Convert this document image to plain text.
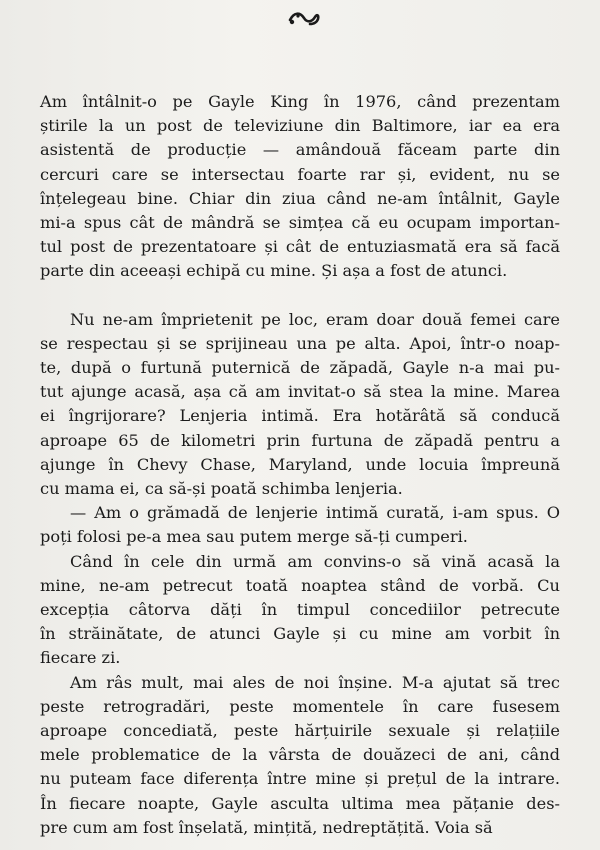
Am întâlnit-o pe Gayle King în 1976, când prezentam
știrile la un post de televiziune din Baltimore, iar ea era
asistentă de producție — amândouă făceam parte din
cercuri care se intersectau foarte rar și, evident, nu se
înțelegeau bine. Chiar din ziua când ne-am întâlnit, Gayle
mi-a spus cât de mândră se simțea că eu ocupam importan-
tul post de prezentatoare și cât de entuziasmată era să facă
parte din aceeași echipă cu mine. Și așa a fost de atunci.
Nu ne-am împrietenit pe loc, eram doar două femei care
se respectau și se sprijineau una pe alta. Apoi, într-o noap-
te, după o furtună puternică de zăpadă, Gayle n-a mai pu-
tut ajunge acasă, așa că am invitat-o să stea la mine. Marea
ei îngrijorare? Lenjeria intimă. Era hotărâtă să conducă
aproape 65 de kilometri prin furtuna de zăpadă pentru a
ajunge în Chevy Chase, Maryland, unde locuia împreună
cu mama ei, ca să-și poată schimba lenjeria.
— Am o grămadă de lenjerie intimă curată, i-am spus. O
poți folosi pe-a mea sau putem merge să-ți cumperi.
Când în cele din urmă am convins-o să vină acasă la
mine, ne-am petrecut toată noaptea stând de vorbă. Cu
excepția câtorva dăți în timpul concediilor petrecute
în străinătate, de atunci Gayle și cu mine am vorbit în
fiecare zi.
Am râs mult, mai ales de noi înșine. M-a ajutat să trec
peste retrogradări, peste momentele în care fusesem
aproape concediată, peste hărțuirile sexuale și relațiile
mele problematice de la vârsta de douăzeci de ani, când
nu puteam face diferența între mine și prețul de la intrare.
În fiecare noapte, Gayle asculta ultima mea pățanie des-
pre cum am fost înșelată, mințită, nedreptățită. Voia să
